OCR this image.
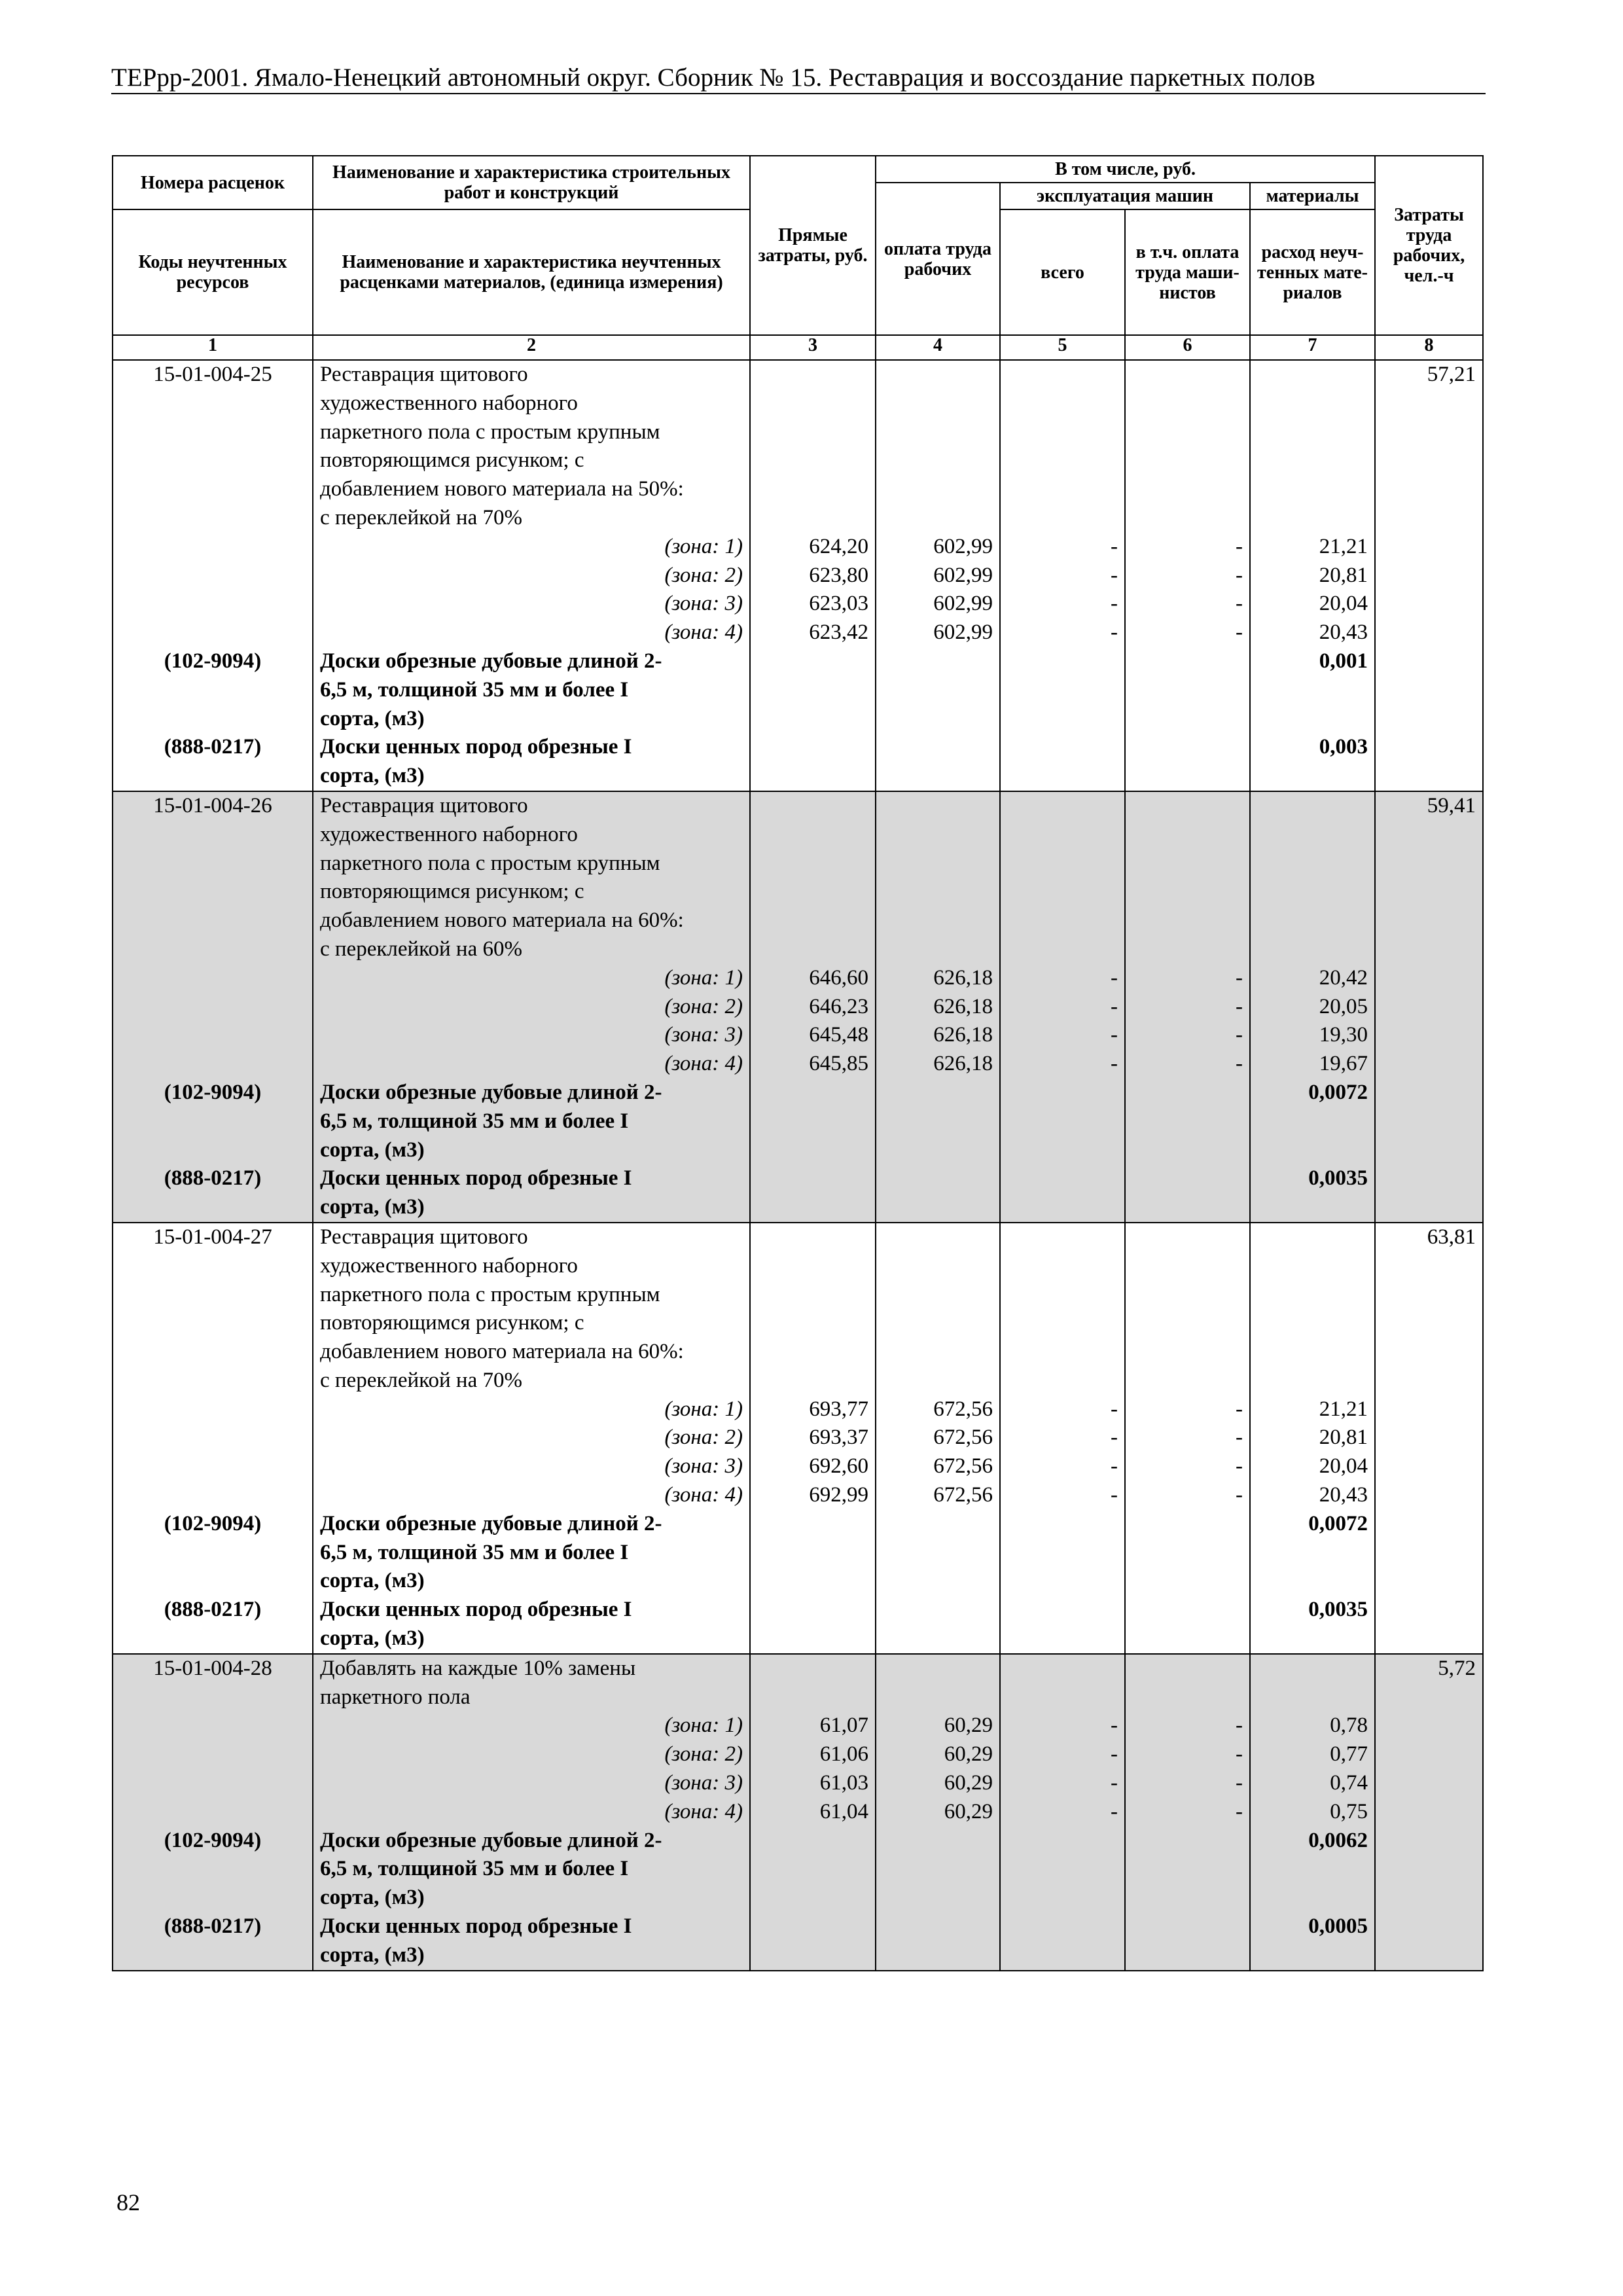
ТЕРрр-2001. Ямало-Ненецкий автономный округ. Сборник № 15. Реставрация и воссоздание паркетных полов
Номера расценок	Наименование и характеристика строительных работ и конструкций	Прямые затраты, руб.	В том числе, руб.				Затраты труда рабочих, чел.-ч
			оплата труда рабочих	эксплуатация машин		материалы	
Коды неучтенных ресурсов	Наименование и характеристика неучтенных расценками материалов, (единица измерения)			всего	в т.ч. оплата труда маши-нистов	расход неуч-тенных мате-риалов	

1	2	3	4	5	6	7	8
15-01-004-25	Реставрация щитового						57,21
	художественного наборного						
	паркетного пола с простым крупным						
	повторяющимся рисунком; с						
	добавлением нового материала на 50%:						
	с переклейкой на 70%						
	(зона: 1)	624,20	602,99	-	-	21,21	
	(зона: 2)	623,80	602,99	-	-	20,81	
	(зона: 3)	623,03	602,99	-	-	20,04	
	(зона: 4)	623,42	602,99	-	-	20,43	
(102-9094)	Доски обрезные дубовые длиной 2-					0,001	
	6,5 м, толщиной 35 мм и более I						
	сорта, (м3)						
(888-0217)	Доски ценных пород обрезные I					0,003	
	сорта, (м3)						
15-01-004-26	Реставрация щитового						59,41
	художественного наборного						
	паркетного пола с простым крупным						
	повторяющимся рисунком; с						
	добавлением нового материала на 60%:						
	с переклейкой на 60%						
	(зона: 1)	646,60	626,18	-	-	20,42	
	(зона: 2)	646,23	626,18	-	-	20,05	
	(зона: 3)	645,48	626,18	-	-	19,30	
	(зона: 4)	645,85	626,18	-	-	19,67	
(102-9094)	Доски обрезные дубовые длиной 2-					0,0072	
	6,5 м, толщиной 35 мм и более I						
	сорта, (м3)						
(888-0217)	Доски ценных пород обрезные I					0,0035	
	сорта, (м3)						
15-01-004-27	Реставрация щитового						63,81
	художественного наборного						
	паркетного пола с простым крупным						
	повторяющимся рисунком; с						
	добавлением нового материала на 60%:						
	с переклейкой на 70%						
	(зона: 1)	693,77	672,56	-	-	21,21	
	(зона: 2)	693,37	672,56	-	-	20,81	
	(зона: 3)	692,60	672,56	-	-	20,04	
	(зона: 4)	692,99	672,56	-	-	20,43	
(102-9094)	Доски обрезные дубовые длиной 2-					0,0072	
	6,5 м, толщиной 35 мм и более I						
	сорта, (м3)						
(888-0217)	Доски ценных пород обрезные I					0,0035	
	сорта, (м3)						
15-01-004-28	Добавлять на каждые 10% замены						5,72
	паркетного пола						
	(зона: 1)	61,07	60,29	-	-	0,78	
	(зона: 2)	61,06	60,29	-	-	0,77	
	(зона: 3)	61,03	60,29	-	-	0,74	
	(зона: 4)	61,04	60,29	-	-	0,75	
(102-9094)	Доски обрезные дубовые длиной 2-					0,0062	
	6,5 м, толщиной 35 мм и более I						
	сорта, (м3)						
(888-0217)	Доски ценных пород обрезные I					0,0005	
	сорта, (м3)						
82
